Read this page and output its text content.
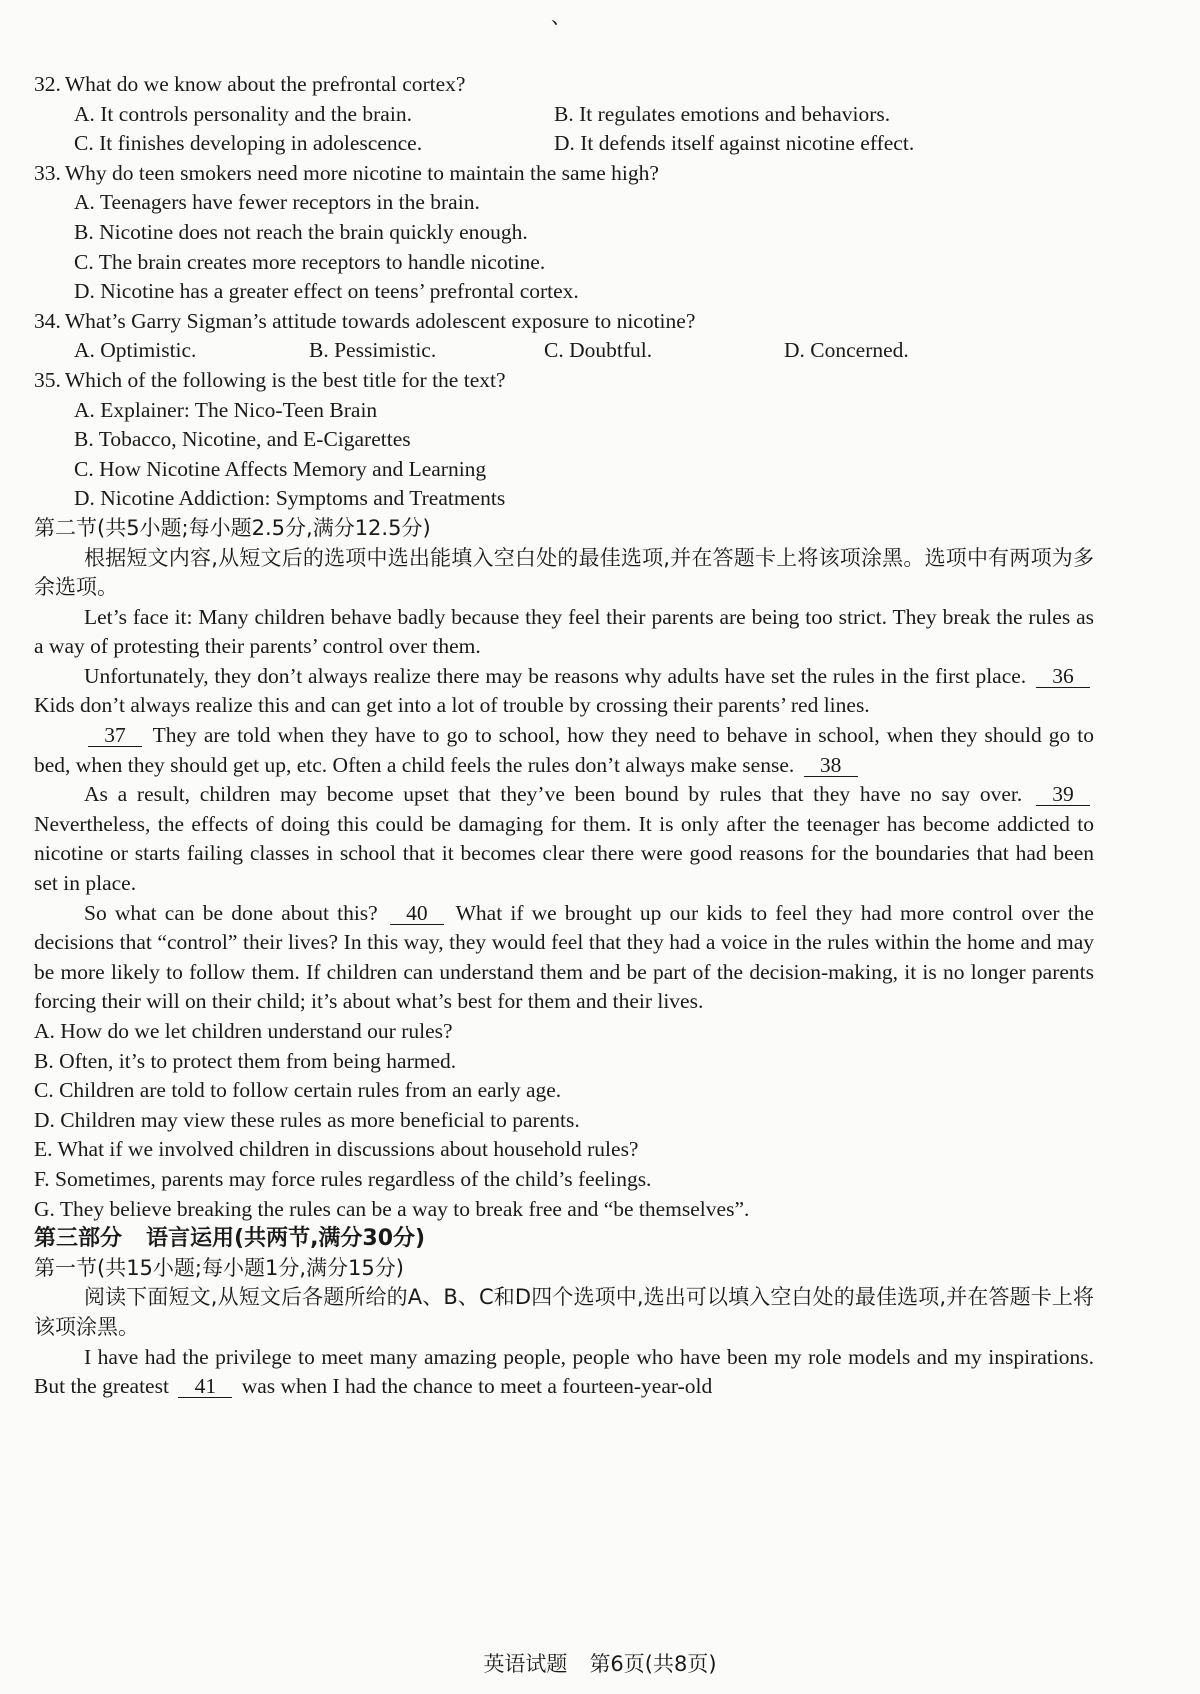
、
32. What do we know about the prefrontal cortex?
A. It controls personality and the brain.	B. It regulates emotions and behaviors.
C. It finishes developing in adolescence.	D. It defends itself against nicotine effect.
33. Why do teen smokers need more nicotine to maintain the same high?
A. Teenagers have fewer receptors in the brain.
B. Nicotine does not reach the brain quickly enough.
C. The brain creates more receptors to handle nicotine.
D. Nicotine has a greater effect on teens’ prefrontal cortex.
34. What’s Garry Sigman’s attitude towards adolescent exposure to nicotine?
A. Optimistic.	B. Pessimistic.	C. Doubtful.	D. Concerned.
35. Which of the following is the best title for the text?
A. Explainer: The Nico-Teen Brain
B. Tobacco, Nicotine, and E-Cigarettes
C. How Nicotine Affects Memory and Learning
D. Nicotine Addiction: Symptoms and Treatments
第二节(共5小题;每小题2.5分,满分12.5分)
根据短文内容,从短文后的选项中选出能填入空白处的最佳选项,并在答题卡上将该项涂黑。选项中有两项为多余选项。

Let’s face it: Many children behave badly because they feel their parents are being too strict. They break the rules as a way of protesting their parents’ control over them.

Unfortunately, they don’t always realize there may be reasons why adults have set the rules in the first place. 36 Kids don’t always realize this and can get into a lot of trouble by crossing their parents’ red lines.

37 They are told when they have to go to school, how they need to behave in school, when they should go to bed, when they should get up, etc. Often a child feels the rules don’t always make sense. 38

As a result, children may become upset that they’ve been bound by rules that they have no say over. 39 Nevertheless, the effects of doing this could be damaging for them. It is only after the teenager has become addicted to nicotine or starts failing classes in school that it becomes clear there were good reasons for the boundaries that had been set in place.

So what can be done about this? 40 What if we brought up our kids to feel they had more control over the decisions that “control” their lives? In this way, they would feel that they had a voice in the rules within the home and may be more likely to follow them. If children can understand them and be part of the decision-making, it is no longer parents forcing their will on their child; it’s about what’s best for them and their lives.

A. How do we let children understand our rules?
B. Often, it’s to protect them from being harmed.
C. Children are told to follow certain rules from an early age.
D. Children may view these rules as more beneficial to parents.
E. What if we involved children in discussions about household rules?
F. Sometimes, parents may force rules regardless of the child’s feelings.
G. They believe breaking the rules can be a way to break free and “be themselves”.
第三部分 语言运用(共两节,满分30分)
第一节(共15小题;每小题1分,满分15分)
阅读下面短文,从短文后各题所给的A、B、C和D四个选项中,选出可以填入空白处的最佳选项,并在答题卡上将该项涂黑。

I have had the privilege to meet many amazing people, people who have been my role models and my inspirations. But the greatest 41 was when I had the chance to meet a fourteen-year-old

英语试题 第6页(共8页)
